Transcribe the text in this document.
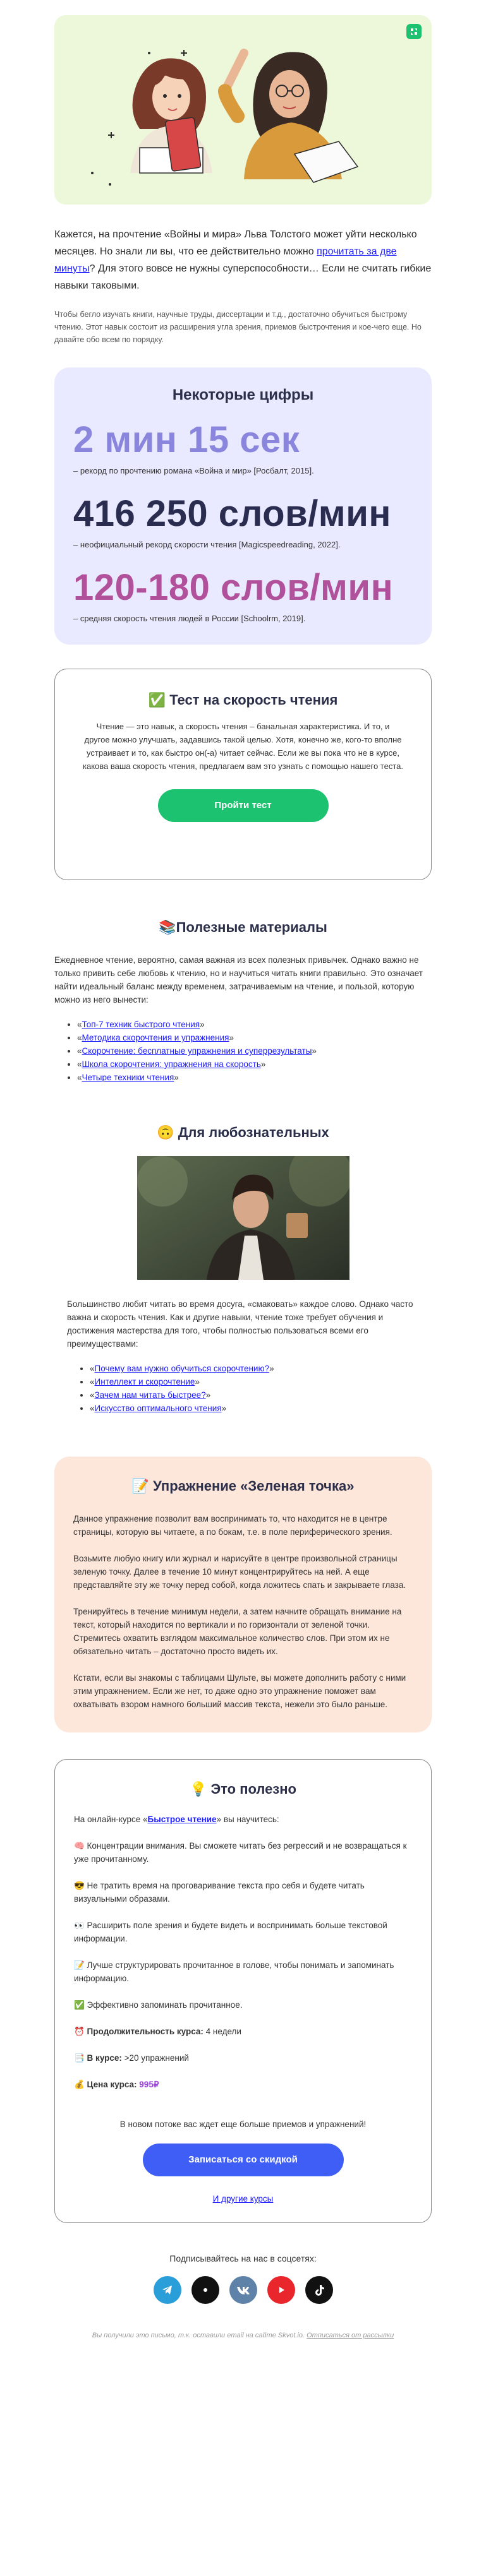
Кажется, на прочтение «Войны и мира» Льва Толстого может уйти несколько месяцев. Но знали ли вы, что ее действительно можно прочитать за две минуты? Для этого вовсе не нужны суперспособности… Если не считать гибкие навыки таковыми.
Чтобы бегло изучать книги, научные труды, диссертации и т.д., достаточно обучиться быстрому чтению. Этот навык состоит из расширения угла зрения, приемов быстрочтения и кое-чего еще. Но давайте обо всем по порядку.
Некоторые цифры
2 мин 15 сек
– рекорд по прочтению романа «Война и мир» [Росбалт, 2015].
416 250 слов/мин
– неофициальный рекорд скорости чтения [Magicspeedreading, 2022].
120-180 слов/мин
– средняя скорость чтения людей в России [Schoolrm, 2019].
✅ Тест на скорость чтения

Чтение — это навык, а скорость чтения – банальная характеристика. И то, и другое можно улучшать, задавшись такой целью. Хотя, конечно же, кого-то вполне устраивает и то, как быстро он(-а) читает сейчас. Если же вы пока что не в курсе, какова ваша скорость чтения, предлагаем вам это узнать с помощью нашего теста.

Пройти тест
📚Полезные материалы

Ежедневное чтение, вероятно, самая важная из всех полезных привычек. Однако важно не только привить себе любовь к чтению, но и научиться читать книги правильно. Это означает найти идеальный баланс между временем, затрачиваемым на чтение, и пользой, которую можно из него вынести:

• «Топ-7 техник быстрого чтения»
• «Методика скорочтения и упражнения»
• «Скорочтение: бесплатные упражнения и суперрезультаты»
• «Школа скорочтения: упражнения на скорость»
• «Четыре техники чтения»
🙃 Для любознательных

Большинство любит читать во время досуга, «смаковать» каждое слово. Однако часто важна и скорость чтения. Как и другие навыки, чтение тоже требует обучения и достижения мастерства для того, чтобы полностью пользоваться всеми его преимуществами:

• «Почему вам нужно обучиться скорочтению?»
• «Интеллект и скорочтение»
• «Зачем нам читать быстрее?»
• «Искусство оптимального чтения»
📝 Упражнение «Зеленая точка»

Данное упражнение позволит вам воспринимать то, что находится не в центре страницы, которую вы читаете, а по бокам, т.е. в поле периферического зрения.

Возьмите любую книгу или журнал и нарисуйте в центре произвольной страницы зеленую точку. Далее в течение 10 минут концентрируйтесь на ней. А еще представляйте эту же точку перед собой, когда ложитесь спать и закрываете глаза.

Тренируйтесь в течение минимум недели, а затем начните обращать внимание на текст, который находится по вертикали и по горизонтали от зеленой точки. Стремитесь охватить взглядом максимальное количество слов. При этом их не обязательно читать – достаточно просто видеть их.

Кстати, если вы знакомы с таблицами Шульте, вы можете дополнить работу с ними этим упражнением. Если же нет, то даже одно это упражнение поможет вам охватывать взором намного больший массив текста, нежели это было раньше.

💡 Это полезно

На онлайн-курсе «Быстрое чтение» вы научитесь:

🧠 Концентрации внимания. Вы сможете читать без регрессий и не возвращаться к уже прочитанному.

😎 Не тратить время на проговаривание текста про себя и будете читать визуальными образами.

👀 Расширить поле зрения и будете видеть и воспринимать больше текстовой информации.

📝 Лучше структурировать прочитанное в голове, чтобы понимать и запоминать информацию.

✅ Эффективно запоминать прочитанное.

⏰ Продолжительность курса: 4 недели

📑 В курсе: >20 упражнений

💰 Цена курса: 995₽

В новом потоке вас ждет еще больше приемов и упражнений!

Записаться со скидкой
И другие курсы
Подписывайтесь на нас в соцсетях:
Вы получили это письмо, т.к. оставили email на сайте Skvot.io. Отписаться от рассылки
